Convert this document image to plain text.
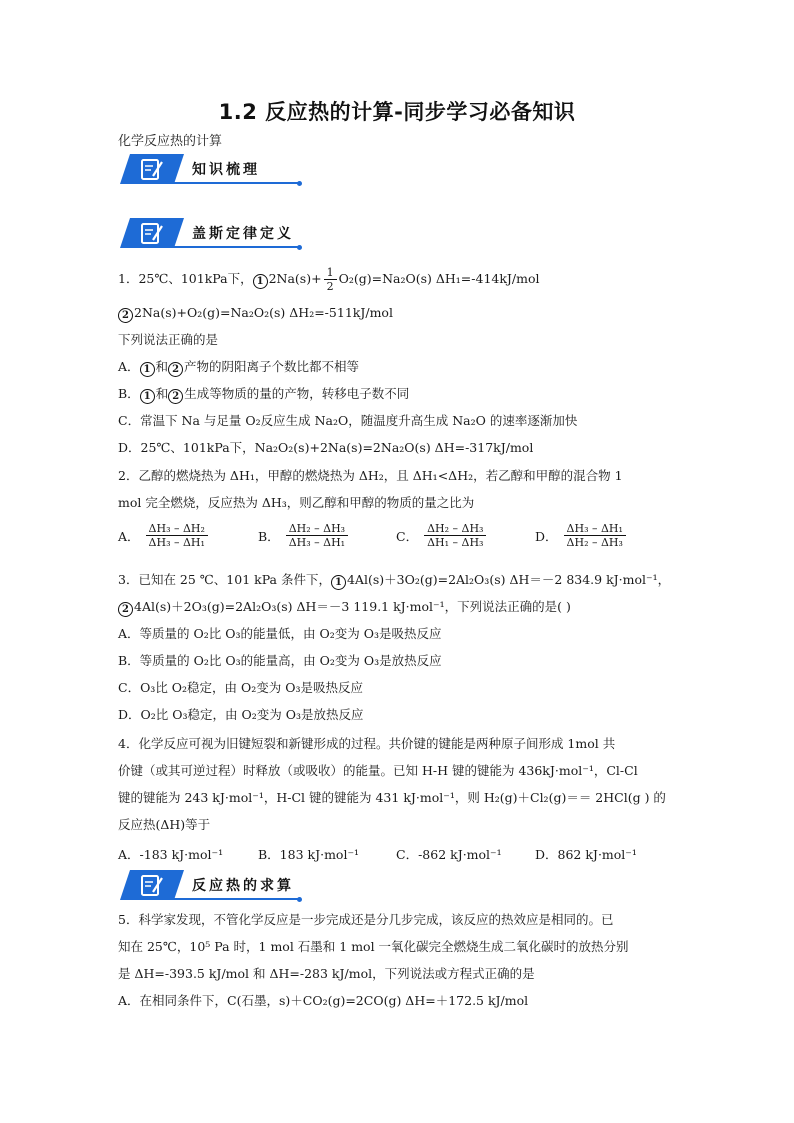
1.2 反应热的计算-同步学习必备知识
化学反应热的计算
知识梳理
盖斯定律定义
1．25℃、101kPa下， 1 $2Na(s)+ \frac{1}{2} O_2(g)=Na_2O(s)$ ΔH₁=-414kJ/mol
2 2Na(s)+O₂(g)=Na₂O₂(s) ΔH₂=-511kJ/mol
下列说法正确的是
A． 1 和 2 产物的阴阳离子个数比都不相等
B． 1 和 2 生成等物质的量的产物，转移电子数不同
C．常温下 Na 与足量 O₂反应生成 Na₂O，随温度升高生成 Na₂O 的速率逐渐加快
D．25℃、101kPa下，Na₂O₂(s)+2Na(s)=2Na₂O(s) ΔH=-317kJ/mol
2．乙醇的燃烧热为 ΔH₁，甲醇的燃烧热为 ΔH₂，且 ΔH₁<ΔH₂，若乙醇和甲醇的混合物 1
mol 完全燃烧，反应热为 ΔH₃，则乙醇和甲醇的物质的量之比为
A． $\frac{\text{ΔH₃ – ΔH₂}}{\text{ΔH₃ – ΔH₁}}$	B． $\frac{\text{ΔH₂ – ΔH₃}}{\text{ΔH₃ – ΔH₁}}$	C． $\frac{\text{ΔH₂ – ΔH₃}}{\text{ΔH₁ – ΔH₃}}$	D． $\frac{\text{ΔH₃ – ΔH₁}}{\text{ΔH₂ – ΔH₃}}$
3．已知在 25 ℃、101 kPa 条件下， 1 4Al(s)＋3O₂(g)=2Al₂O₃(s) ΔH＝－2 834.9 kJ·mol⁻¹，
2 4Al(s)＋2O₃(g)=2Al₂O₃(s) ΔH＝－3 119.1 kJ·mol⁻¹，下列说法正确的是( )
A．等质量的 O₂比 O₃的能量低，由 O₂变为 O₃是吸热反应
B．等质量的 O₂比 O₃的能量高，由 O₂变为 O₃是放热反应
C．O₃比 O₂稳定，由 O₂变为 O₃是吸热反应
D．O₂比 O₃稳定，由 O₂变为 O₃是放热反应
4．化学反应可视为旧键短裂和新键形成的过程。共价键的键能是两种原子间形成 1mol 共
价键（或其可逆过程）时释放（或吸收）的能量。已知 H-H 键的键能为 436kJ·mol⁻¹，Cl-Cl
键的键能为 243 kJ·mol⁻¹，H-Cl 键的键能为 431 kJ·mol⁻¹，则 H₂(g)＋Cl₂(g)＝＝ 2HCl(g ) 的
反应热(ΔH)等于
A．-183 kJ·mol⁻¹	B．183 kJ·mol⁻¹	C．-862 kJ·mol⁻¹	D．862 kJ·mol⁻¹
反应热的求算
5．科学家发现，不管化学反应是一步完成还是分几步完成，该反应的热效应是相同的。已
知在 25℃，10⁵ Pa 时，1 mol 石墨和 1 mol 一氧化碳完全燃烧生成二氧化碳时的放热分别
是 ΔH=-393.5 kJ/mol 和 ΔH=-283 kJ/mol，下列说法或方程式正确的是
A．在相同条件下，C(石墨，s)＋CO₂(g)=2CO(g) ΔH=＋172.5 kJ/mol
